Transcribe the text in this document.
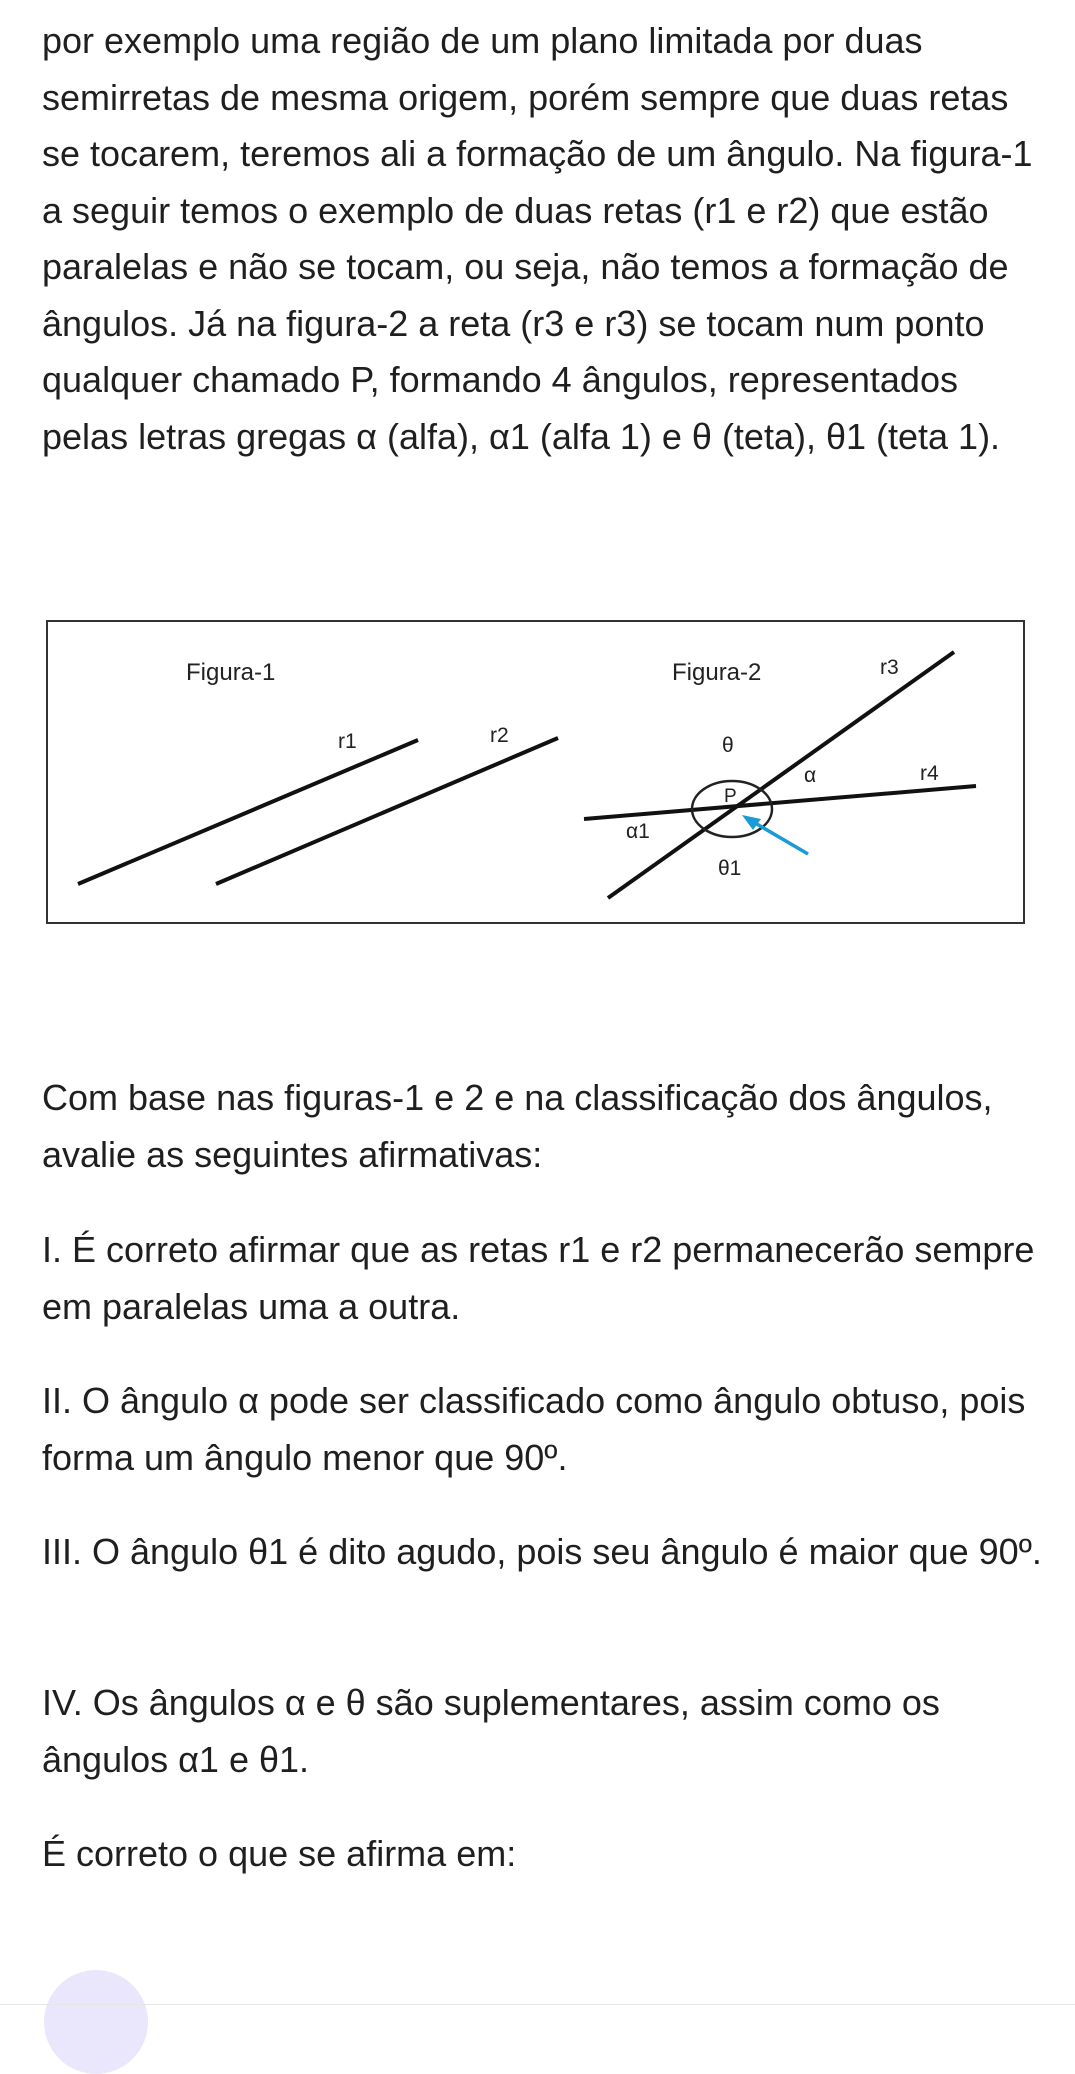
por exemplo uma região de um plano limitada por duas semirretas de mesma origem, porém sempre que duas retas se tocarem, teremos ali a formação de um ângulo. Na figura-1 a seguir temos o exemplo de duas retas (r1 e r2) que estão paralelas e não se tocam, ou seja, não temos a formação de ângulos. Já na figura-2 a reta (r3 e r3) se tocam num ponto qualquer chamado P, formando 4 ângulos, representados pelas letras gregas α (alfa), α1 (alfa 1) e θ (teta), θ1 (teta 1).

Figura-1
r1	r2
Figura-2	r3
r4
P
θ
α
α1
θ1

Com base nas figuras-1 e 2 e na classificação dos ângulos, avalie as seguintes afirmativas:

I. É correto afirmar que as retas r1 e r2 permanecerão sempre em paralelas uma a outra.

II. O ângulo α pode ser classificado como ângulo obtuso, pois forma um ângulo menor que 90º.

III. O ângulo θ1 é dito agudo, pois seu ângulo é maior que 90º.

IV. Os ângulos α e θ são suplementares, assim como os ângulos α1 e θ1.

É correto o que se afirma em:
